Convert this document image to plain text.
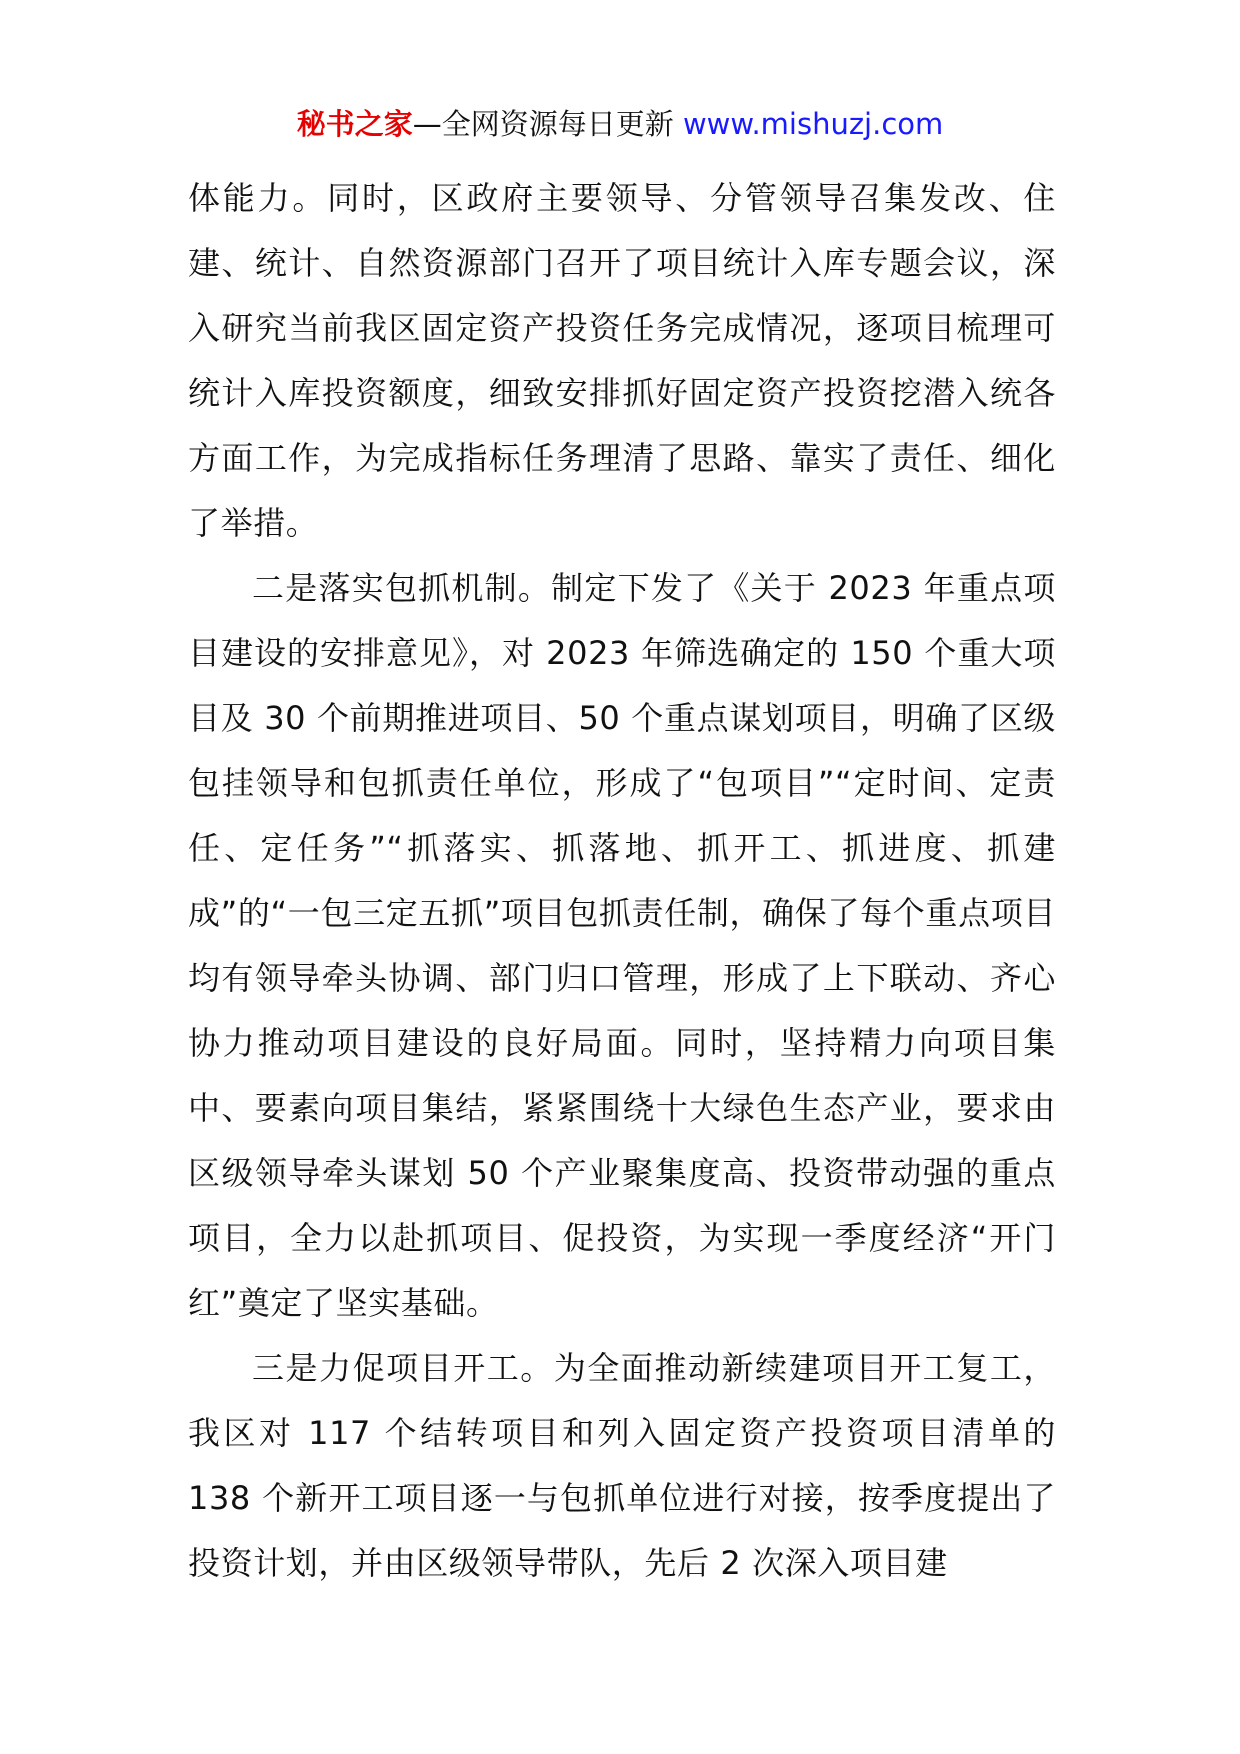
秘书之家—全网资源每日更新 www.mishuzj.com

体能力。同时，区政府主要领导、分管领导召集发改、住建、统计、自然资源部门召开了项目统计入库专题会议，深入研究当前我区固定资产投资任务完成情况，逐项目梳理可统计入库投资额度，细致安排抓好固定资产投资挖潜入统各方面工作，为完成指标任务理清了思路、靠实了责任、细化了举措。

二是落实包抓机制。制定下发了《关于 2023 年重点项目建设的安排意见》，对 2023 年筛选确定的 150 个重大项目及 30 个前期推进项目、50 个重点谋划项目，明确了区级包挂领导和包抓责任单位，形成了“包项目”“定时间、定责任、定任务”“抓落实、抓落地、抓开工、抓进度、抓建成”的“一包三定五抓”项目包抓责任制，确保了每个重点项目均有领导牵头协调、部门归口管理，形成了上下联动、齐心协力推动项目建设的良好局面。同时，坚持精力向项目集中、要素向项目集结，紧紧围绕十大绿色生态产业，要求由区级领导牵头谋划 50 个产业聚集度高、投资带动强的重点项目，全力以赴抓项目、促投资，为实现一季度经济“开门红”奠定了坚实基础。

三是力促项目开工。为全面推动新续建项目开工复工，我区对 117 个结转项目和列入固定资产投资项目清单的 138 个新开工项目逐一与包抓单位进行对接，按季度提出了投资计划，并由区级领导带队，先后 2 次深入项目建
